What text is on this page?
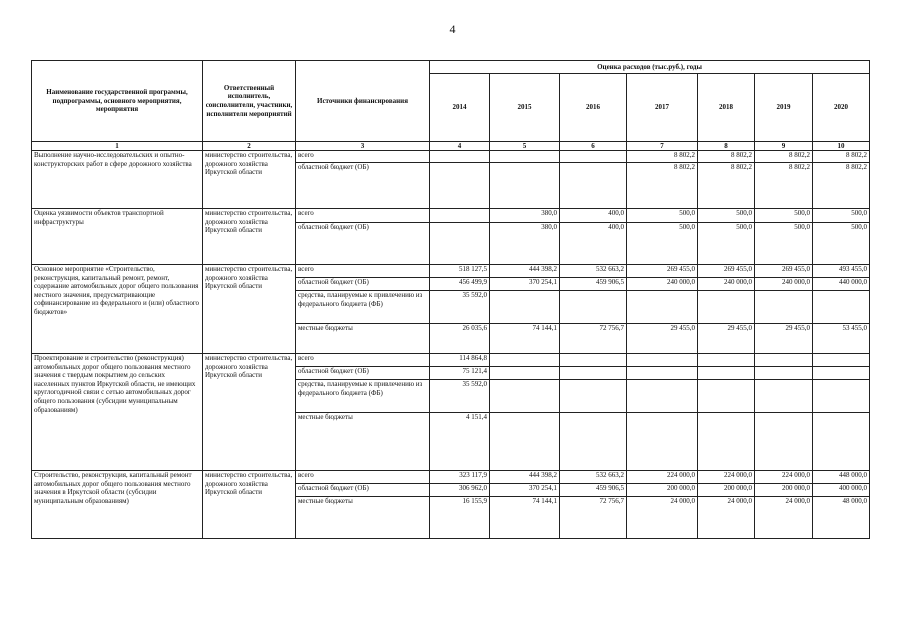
4
Наименование государственной программы, подпрограммы, основного мероприятия, мероприятия	Ответственный исполнитель, соисполнители, участники, исполнители мероприятий	Источники финансирования	Оценка расходов (тыс.руб.), годы						
			2014	2015	2016	2017	2018	2019	2020
1	2	3	4	5	6	7	8	9	10
Выполнение научно-исследовательских и опытно-конструкторских работ в сфере дорожного хозяйства	министерство строительства, дорожного хозяйства Иркутской области	всего				8 802,2	8 802,2	8 802,2	8 802,2
		областной бюджет (ОБ)				8 802,2	8 802,2	8 802,2	8 802,2
Оценка уязвимости объектов транспортной инфраструктуры	министерство строительства, дорожного хозяйства Иркутской области	всего		380,0	400,0	500,0	500,0	500,0	500,0
		областной бюджет (ОБ)		380,0	400,0	500,0	500,0	500,0	500,0
Основное мероприятие «Строительство, реконструкция, капитальный ремонт, ремонт, содержание автомобильных дорог общего пользования местного значения, предусматривающие софинансирование из федерального и (или) областного бюджетов»	министерство строительства, дорожного хозяйства Иркутской области	всего	518 127,5	444 398,2	532 663,2	269 455,0	269 455,0	269 455,0	493 455,0
		областной бюджет (ОБ)	456 499,9	370 254,1	459 906,5	240 000,0	240 000,0	240 000,0	440 000,0
		средства, планируемые к привлечению из федерального бюджета (ФБ)	35 592,0						
		местные бюджеты	26 035,6	74 144,1	72 756,7	29 455,0	29 455,0	29 455,0	53 455,0
Проектирование и строительство (реконструкция) автомобильных дорог общего пользования местного значения с твердым покрытием до сельских населенных пунктов Иркутской области, не имеющих круглогодичной связи с сетью автомобильных дорог общего пользования (субсидии муниципальным образованиям)	министерство строительства, дорожного хозяйства Иркутской области	всего	114 864,8						
		областной бюджет (ОБ)	75 121,4						
		средства, планируемые к привлечению из федерального бюджета (ФБ)	35 592,0						
		местные бюджеты	4 151,4						
Строительство, реконструкция, капитальный ремонт автомобильных дорог общего пользования местного значения в Иркутской области (субсидии муниципальным образованиям)	министерство строительства, дорожного хозяйства Иркутской области	всего	323 117,9	444 398,2	532 663,2	224 000,0	224 000,0	224 000,0	448 000,0
		областной бюджет (ОБ)	306 962,0	370 254,1	459 906,5	200 000,0	200 000,0	200 000,0	400 000,0
		местные бюджеты	16 155,9	74 144,1	72 756,7	24 000,0	24 000,0	24 000,0	48 000,0
